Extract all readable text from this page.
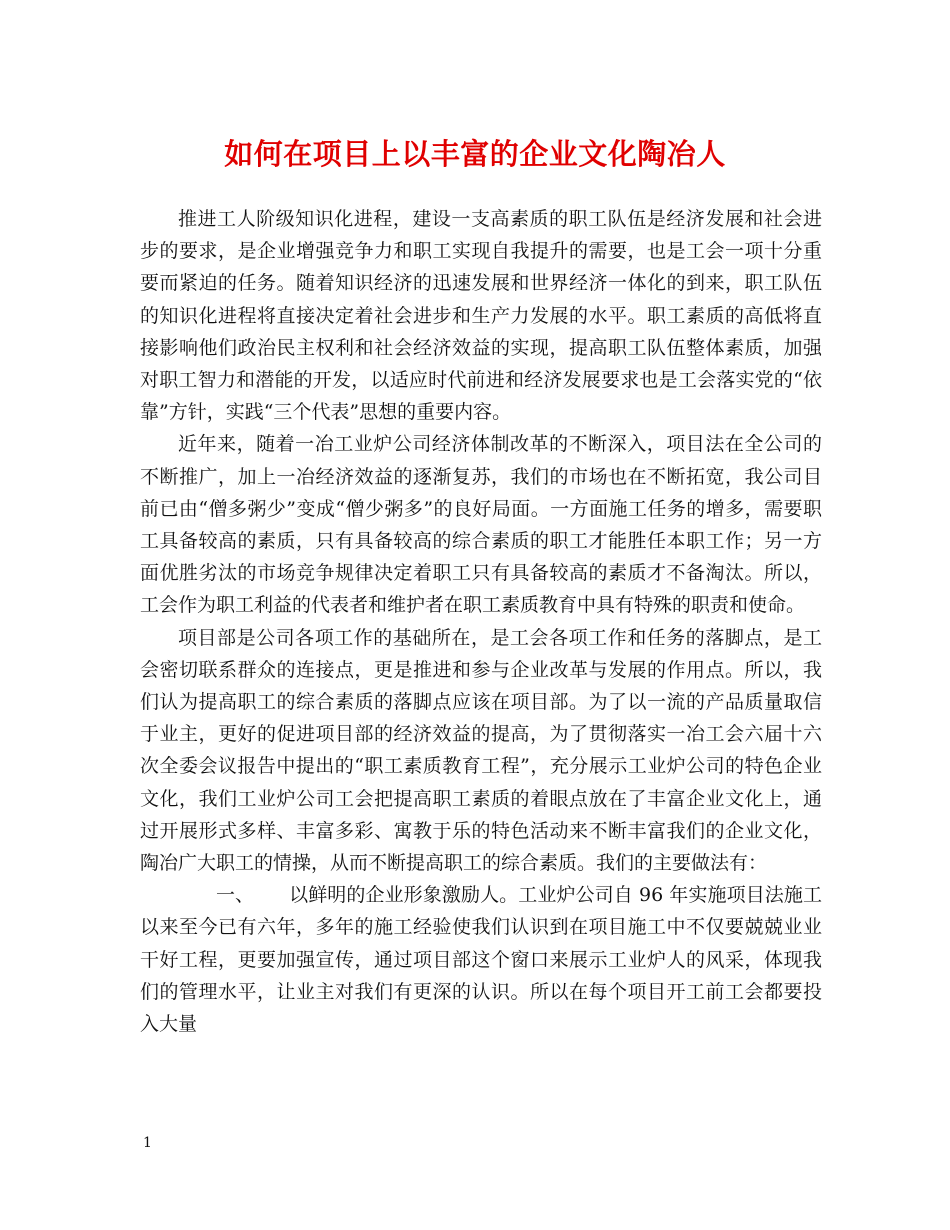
如何在项目上以丰富的企业文化陶冶人

推进工人阶级知识化进程，建设一支高素质的职工队伍是经济发展和社会进步的要求，是企业增强竞争力和职工实现自我提升的需要，也是工会一项十分重要而紧迫的任务。随着知识经济的迅速发展和世界经济一体化的到来，职工队伍的知识化进程将直接决定着社会进步和生产力发展的水平。职工素质的高低将直接影响他们政治民主权利和社会经济效益的实现，提高职工队伍整体素质，加强对职工智力和潜能的开发，以适应时代前进和经济发展要求也是工会落实党的“依靠”方针，实践“三个代表”思想的重要内容。

近年来，随着一冶工业炉公司经济体制改革的不断深入，项目法在全公司的不断推广，加上一冶经济效益的逐渐复苏，我们的市场也在不断拓宽，我公司目前已由“僧多粥少”变成“僧少粥多”的良好局面。一方面施工任务的增多，需要职工具备较高的素质，只有具备较高的综合素质的职工才能胜任本职工作；另一方面优胜劣汰的市场竞争规律决定着职工只有具备较高的素质才不备淘汰。所以，工会作为职工利益的代表者和维护者在职工素质教育中具有特殊的职责和使命。

项目部是公司各项工作的基础所在，是工会各项工作和任务的落脚点，是工会密切联系群众的连接点，更是推进和参与企业改革与发展的作用点。所以，我们认为提高职工的综合素质的落脚点应该在项目部。为了以一流的产品质量取信于业主，更好的促进项目部的经济效益的提高，为了贯彻落实一冶工会六届十六次全委会议报告中提出的“职工素质教育工程”，充分展示工业炉公司的特色企业文化，我们工业炉公司工会把提高职工素质的着眼点放在了丰富企业文化上，通过开展形式多样、丰富多彩、寓教于乐的特色活动来不断丰富我们的企业文化，陶冶广大职工的情操，从而不断提高职工的综合素质。我们的主要做法有：

一、 以鲜明的企业形象激励人。工业炉公司自 96 年实施项目法施工以来至今已有六年，多年的施工经验使我们认识到在项目施工中不仅要兢兢业业干好工程，更要加强宣传，通过项目部这个窗口来展示工业炉人的风采，体现我们的管理水平，让业主对我们有更深的认识。所以在每个项目开工前工会都要投入大量

1
